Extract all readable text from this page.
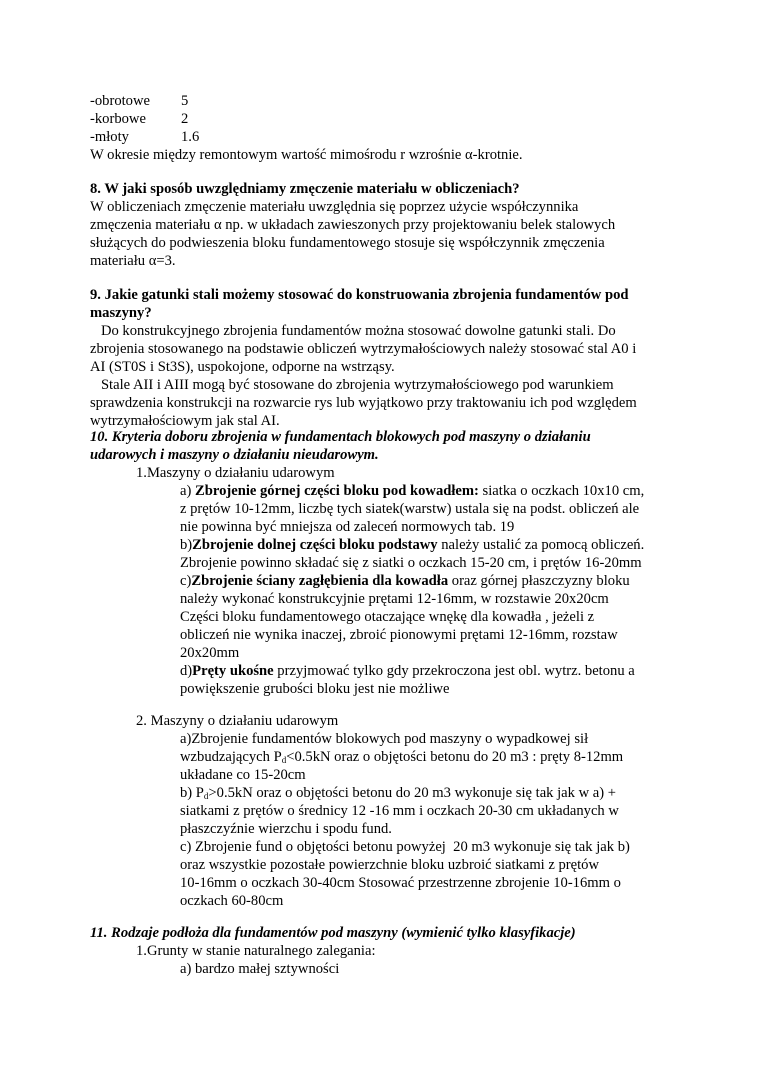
-obrotowe 5
-korbowe 2
-młoty	1.6
W okresie między remontowym wartość mimośrodu r wzrośnie α-krotnie.
8. W jaki sposób uwzględniamy zmęczenie materiału w obliczeniach?
W obliczeniach zmęczenie materiału uwzględnia się poprzez użycie współczynnika
zmęczenia materiału α np. w układach zawieszonych przy projektowaniu belek stalowych
służących do podwieszenia bloku fundamentowego stosuje się współczynnik zmęczenia
materiału α=3.
9. Jakie gatunki stali możemy stosować do konstruowania zbrojenia fundamentów pod
maszyny?
Do konstrukcyjnego zbrojenia fundamentów można stosować dowolne gatunki stali. Do
zbrojenia stosowanego na podstawie obliczeń wytrzymałościowych należy stosować stal A0 i
AI (ST0S i St3S), uspokojone, odporne na wstrząsy.
Stale AII i AIII mogą być stosowane do zbrojenia wytrzymałościowego pod warunkiem
sprawdzenia konstrukcji na rozwarcie rys lub wyjątkowo przy traktowaniu ich pod względem
wytrzymałościowym jak stal AI.
10. Kryteria doboru zbrojenia w fundamentach blokowych pod maszyny o działaniu
udarowych i maszyny o działaniu nieudarowym.
1.Maszyny o działaniu udarowym
a) Zbrojenie górnej części bloku pod kowadłem: siatka o oczkach 10x10 cm,
z prętów 10-12mm, liczbę tych siatek(warstw) ustala się na podst. obliczeń ale
nie powinna być mniejsza od zaleceń normowych tab. 19
b)Zbrojenie dolnej części bloku podstawy należy ustalić za pomocą obliczeń.
Zbrojenie powinno składać się z siatki o oczkach 15-20 cm, i prętów 16-20mm
c)Zbrojenie ściany zagłębienia dla kowadła oraz górnej płaszczyzny bloku
należy wykonać konstrukcyjnie prętami 12-16mm, w rozstawie 20x20cm
Części bloku fundamentowego otaczające wnękę dla kowadła , jeżeli z
obliczeń nie wynika inaczej, zbroić pionowymi prętami 12-16mm, rozstaw
20x20mm
d)Pręty ukośne przyjmować tylko gdy przekroczona jest obl. wytrz. betonu a
powiększenie grubości bloku jest nie możliwe
2. Maszyny o działaniu udarowym
a)Zbrojenie fundamentów blokowych pod maszyny o wypadkowej sił
wzbudzających $P_d<0.5kN$ oraz o objętości betonu do 20 m3 : pręty 8-12mm
układane co 15-20cm
b) $P_d>0.5kN$ oraz o objętości betonu do 20 m3 wykonuje się tak jak w a) +
siatkami z prętów o średnicy 12 -16 mm i oczkach 20-30 cm układanych w
płaszczyźnie wierzchu i spodu fund.
c) Zbrojenie fund o objętości betonu powyżej  20 m3 wykonuje się tak jak b)
oraz wszystkie pozostałe powierzchnie bloku uzbroić siatkami z prętów
10-16mm o oczkach 30-40cm Stosować przestrzenne zbrojenie 10-16mm o
oczkach 60-80cm
11. Rodzaje podłoża dla fundamentów pod maszyny (wymienić tylko klasyfikacje)
1.Grunty w stanie naturalnego zalegania:
a) bardzo małej sztywności
